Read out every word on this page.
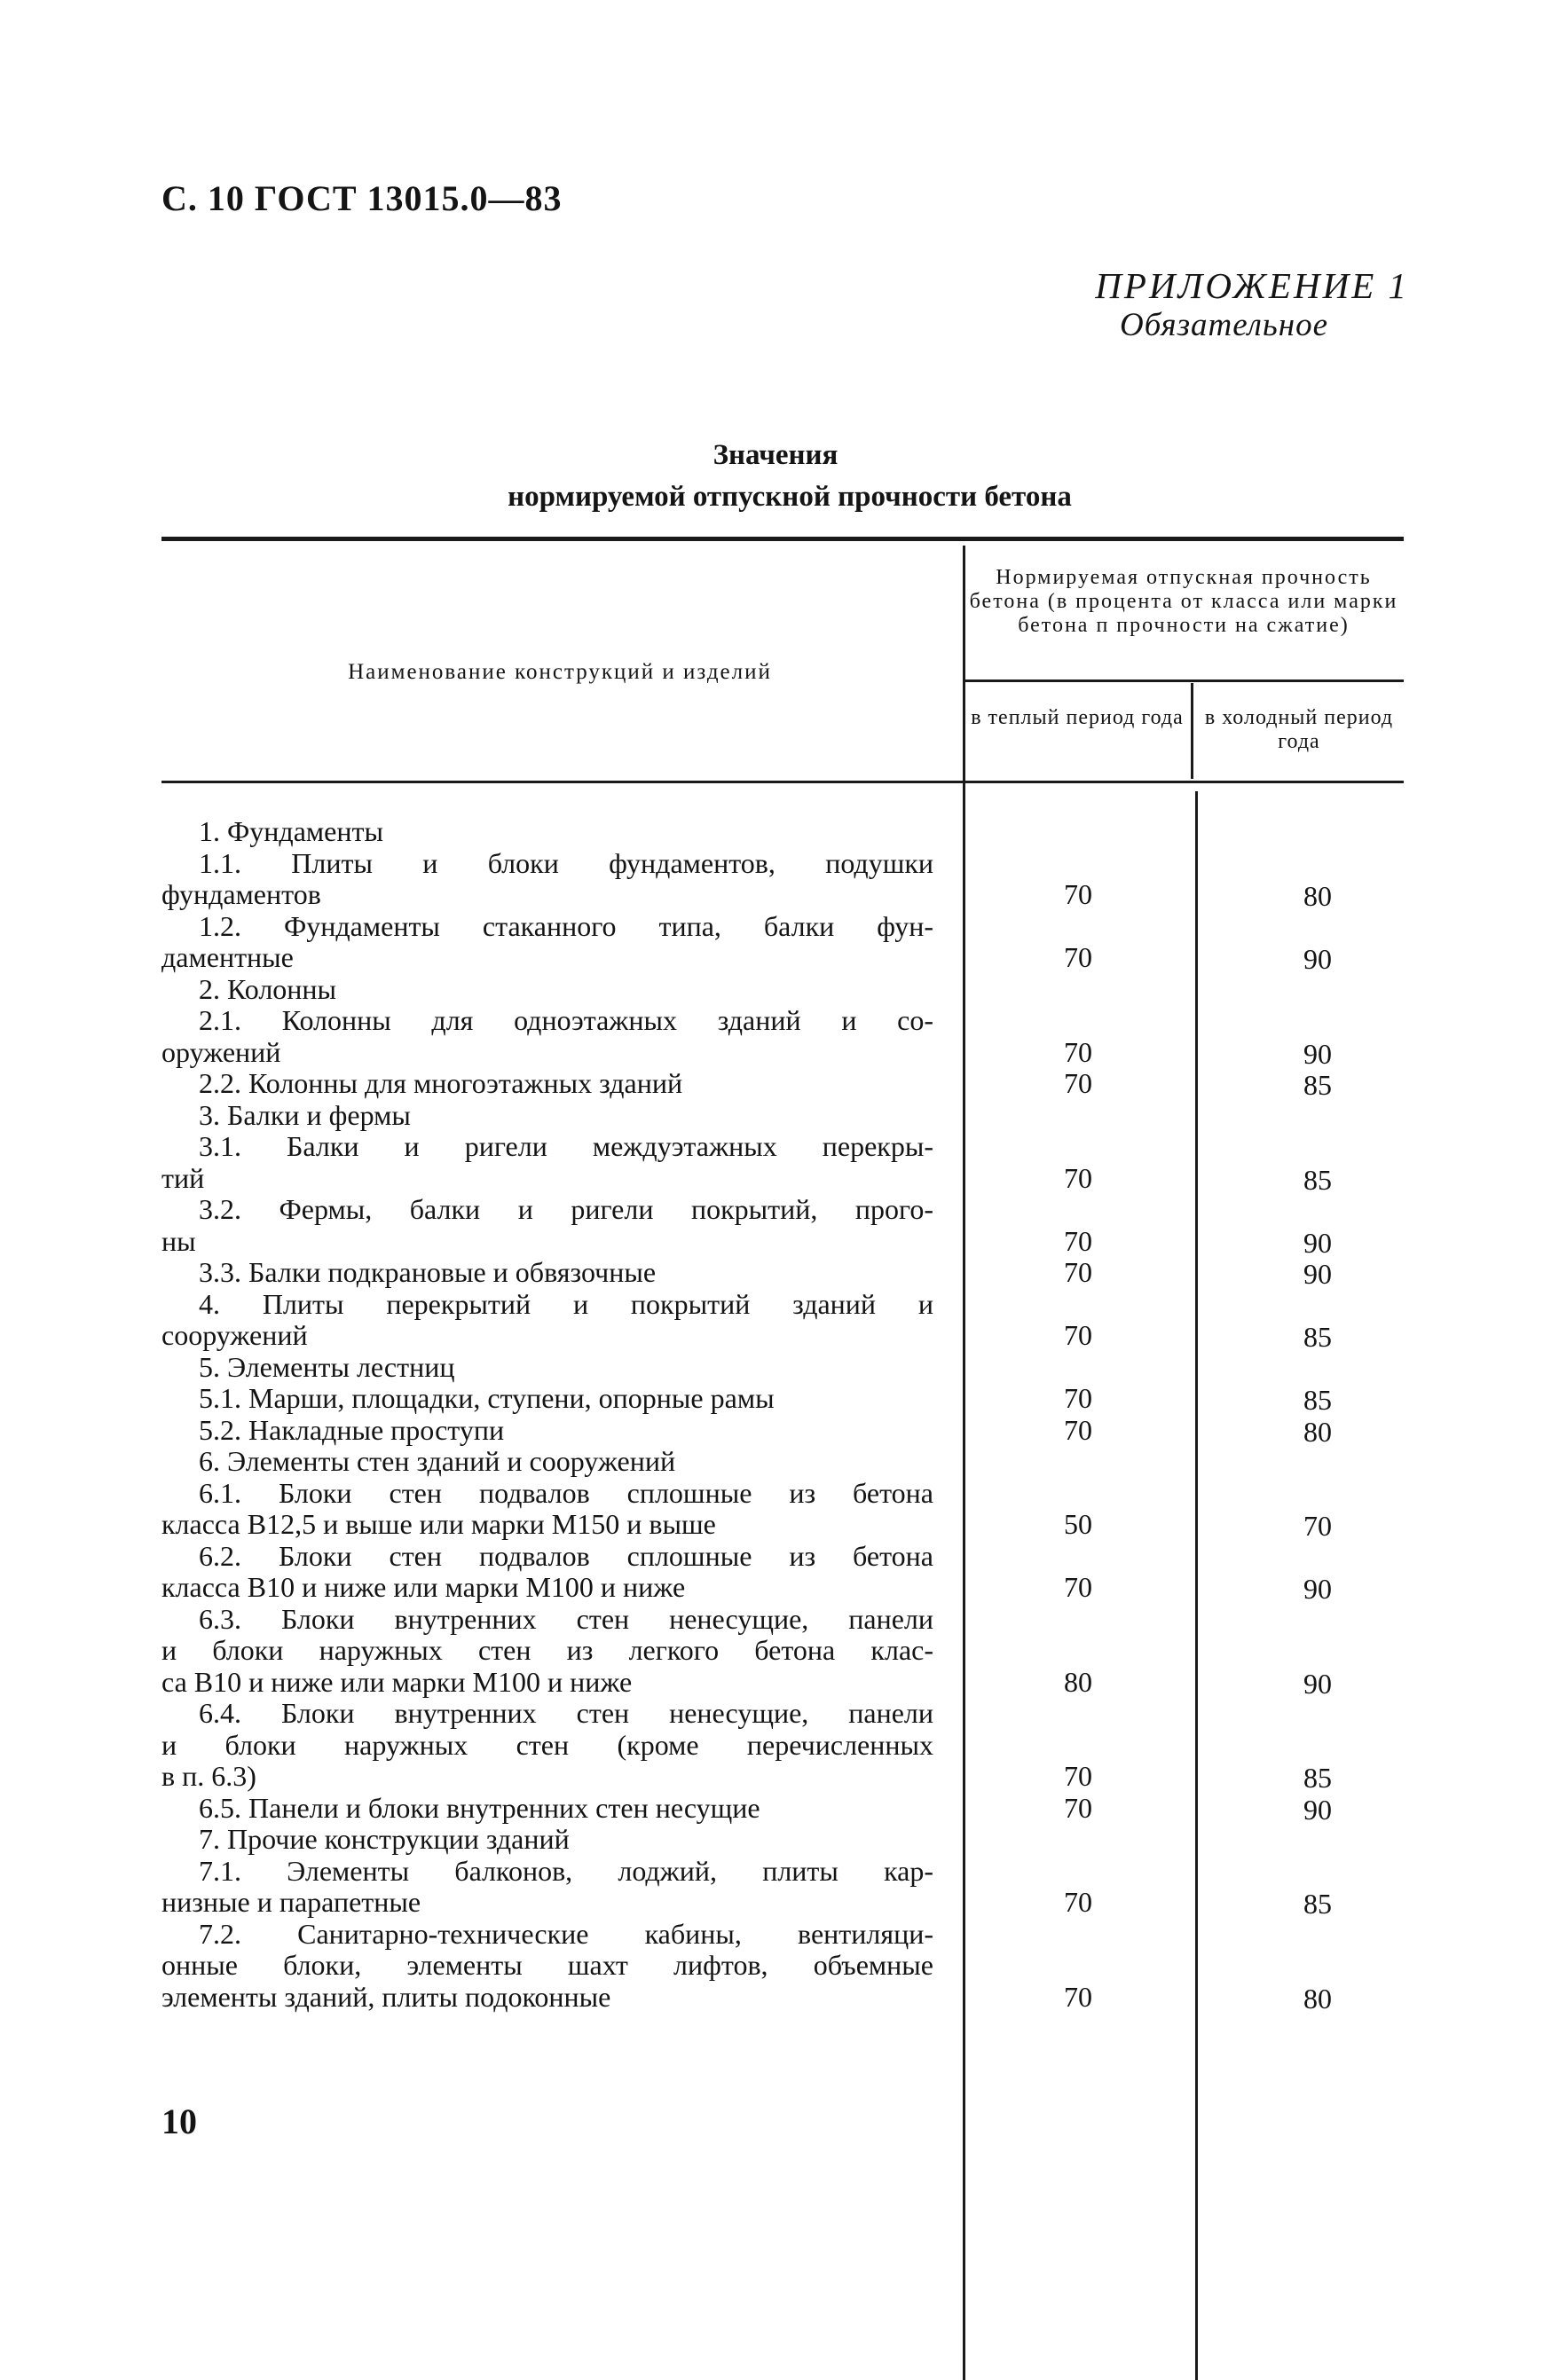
С. 10 ГОСТ 13015.0—83
ПРИЛОЖЕНИЕ 1
Обязательное
Значения
нормируемой отпускной прочности бетона
Наименование конструкций и изделий
Нормируемая отпускная прочность бетона (в процента от класса или марки бетона п прочности на сжатие)
в теплый период года	в холодный период года
1. Фундаменты
1.1. Плиты и блоки фундаментов, подушки
фундаментов	70	80
1.2. Фундаменты стаканного типа, балки фун-
даментные	70	90
2. Колонны
2.1. Колонны для одноэтажных зданий и со-
оружений	70	90
2.2. Колонны для многоэтажных зданий	70	85
3. Балки и фермы
3.1. Балки и ригели междуэтажных перекры-
тий	70	85
3.2. Фермы, балки и ригели покрытий, прого-
ны	70	90
3.3. Балки подкрановые и обвязочные	70	90
4. Плиты перекрытий и покрытий зданий и
сооружений	70	85
5. Элементы лестниц
5.1. Марши, площадки, ступени, опорные рамы	70	85
5.2. Накладные проступи	70	80
6. Элементы стен зданий и сооружений
6.1. Блоки стен подвалов сплошные из бетона
класса B12,5 и выше или марки M150 и выше	50	70
6.2. Блоки стен подвалов сплошные из бетона
класса B10 и ниже или марки M100 и ниже	70	90
6.3. Блоки внутренних стен ненесущие, панели
и блоки наружных стен из легкого бетона клас-
са B10 и ниже или марки M100 и ниже	80	90
6.4. Блоки внутренних стен ненесущие, панели
и блоки наружных стен (кроме перечисленных
в п. 6.3)	70	85
6.5. Панели и блоки внутренних стен несущие	70	90
7. Прочие конструкции зданий
7.1. Элементы балконов, лоджий, плиты кар-
низные и парапетные	70	85
7.2. Санитарно-технические кабины, вентиляци-
онные блоки, элементы шахт лифтов, объемные
элементы зданий, плиты подоконные	70	80
10
